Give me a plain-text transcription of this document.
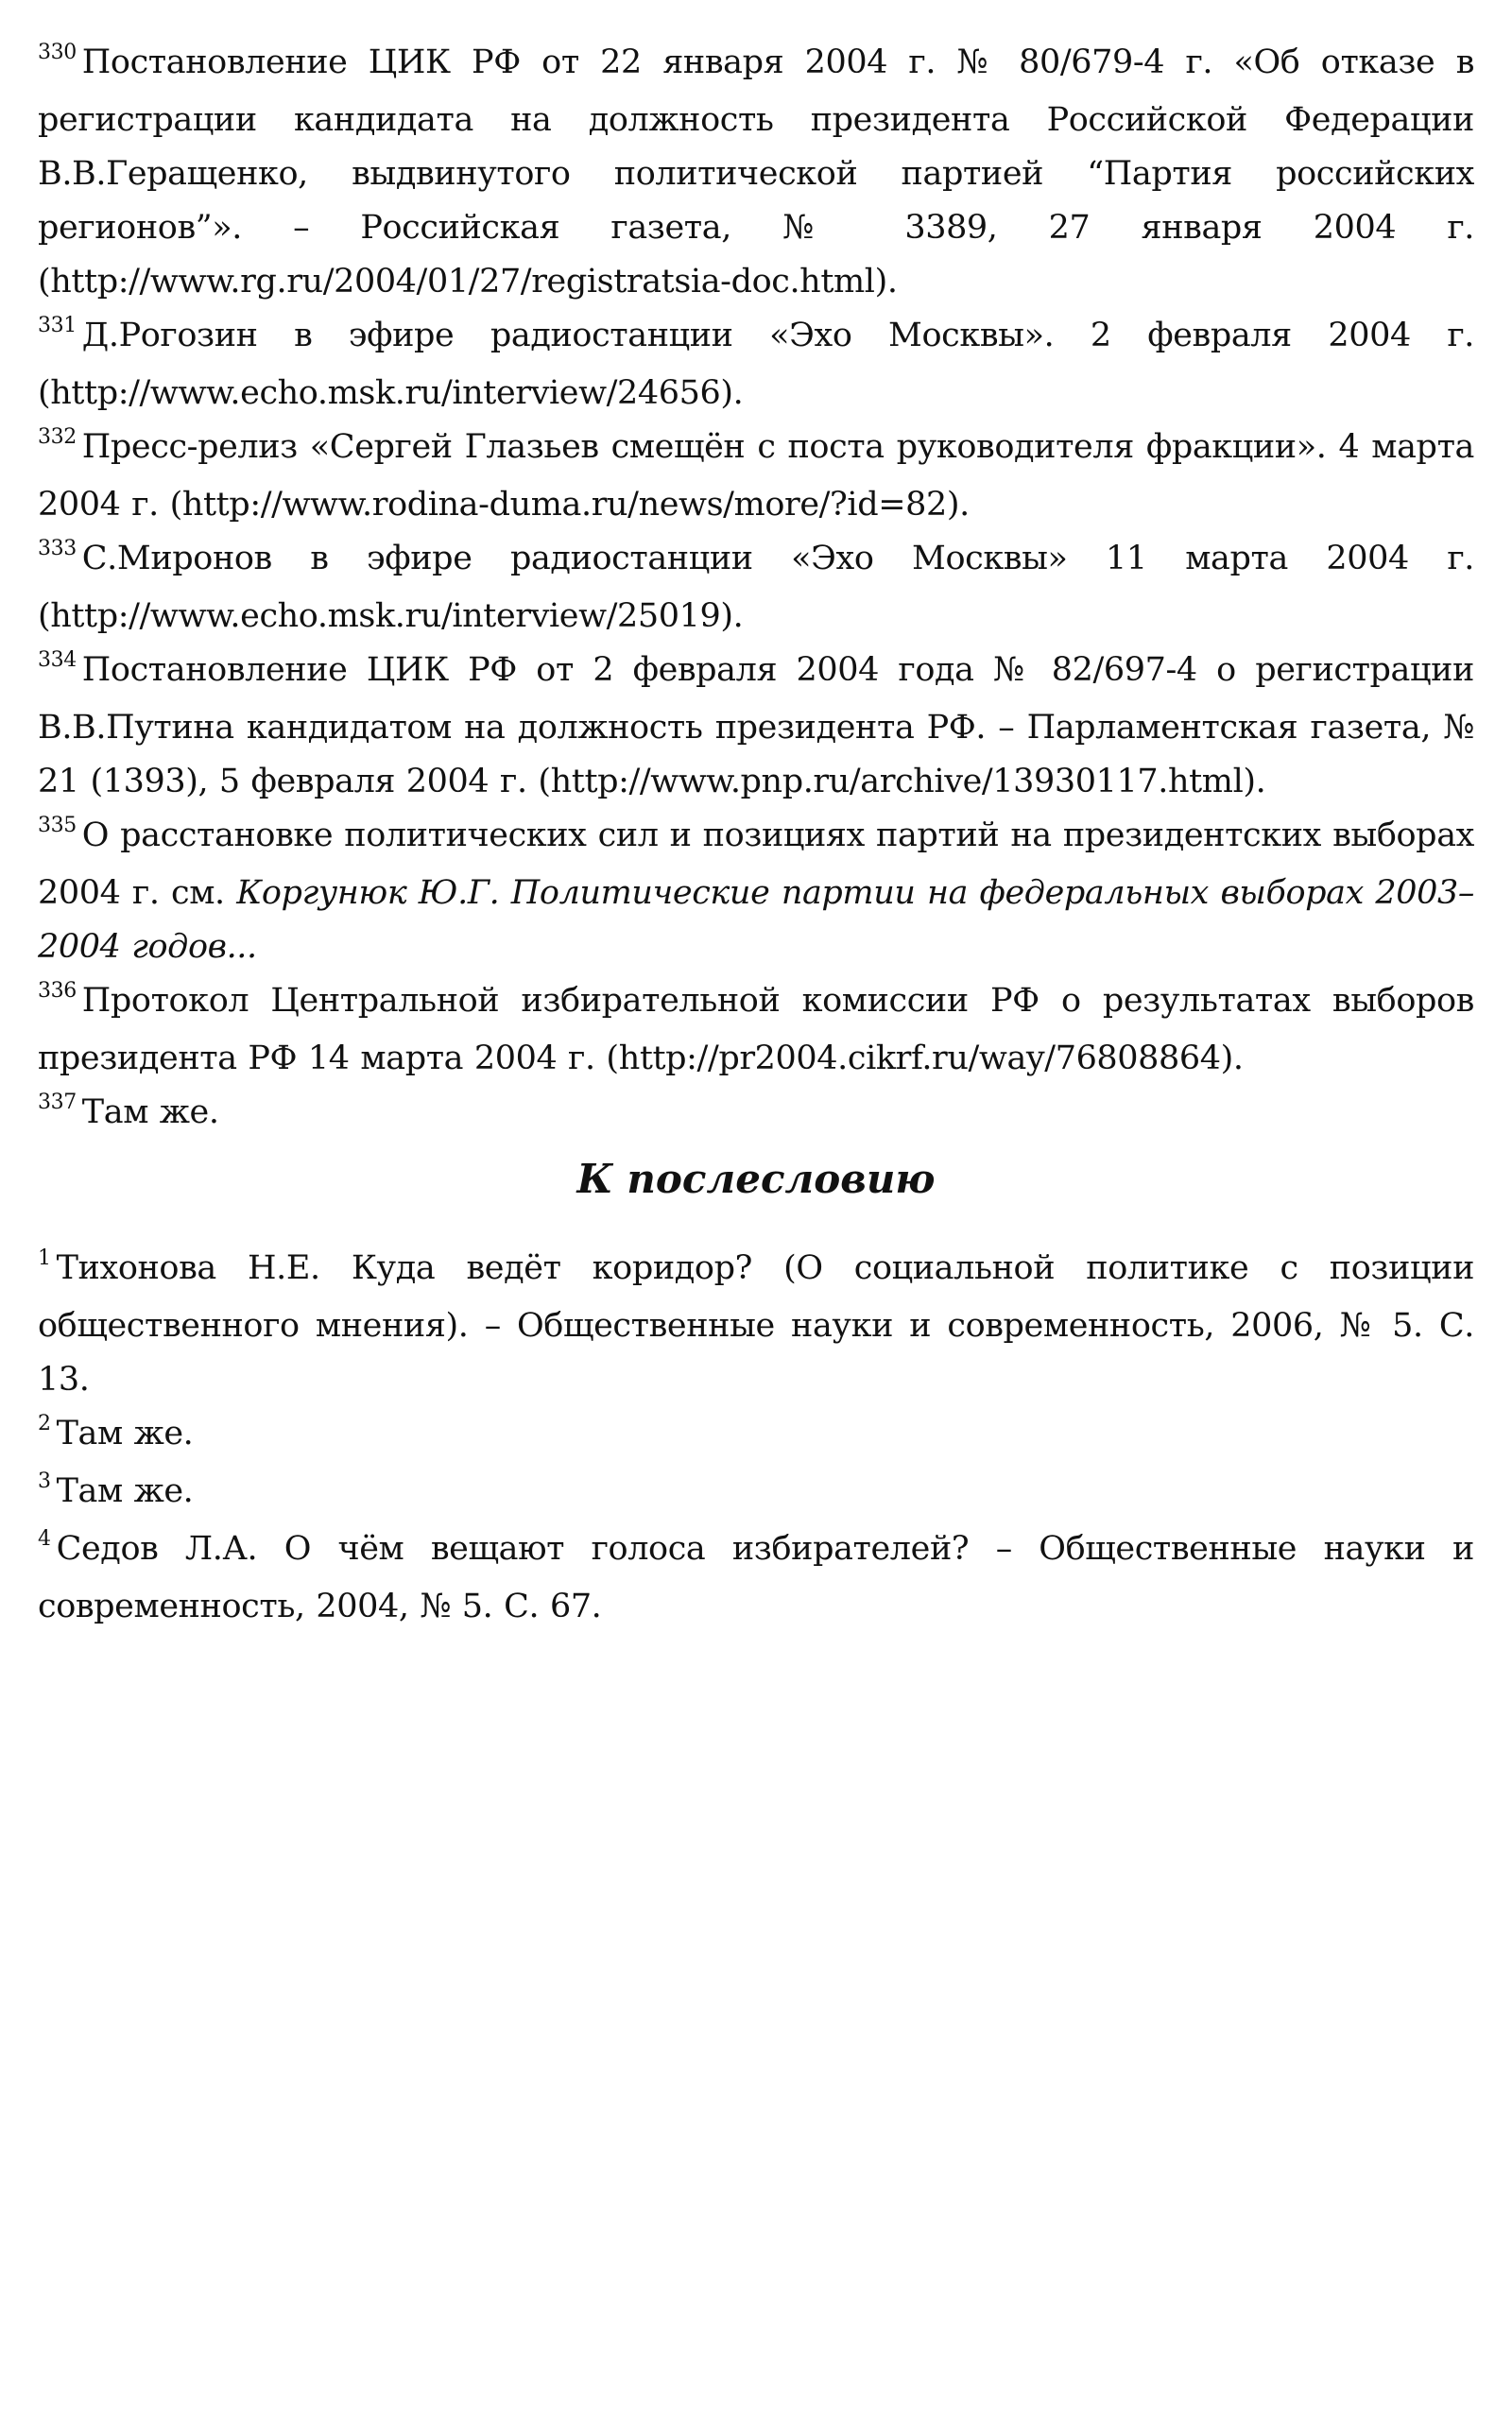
$^{330}$ Постановление ЦИК РФ от 22 января 2004 г. № 80/679-4 г. «Об отказе в регистрации кандидата на должность президента Российской Федерации В.В.Геращенко, выдвинутого политической партией “Партия российских регионов”». – Российская газета, № 3389, 27 января 2004 г. (http://www.rg.ru/2004/01/27/registratsia-doc.html).

$^{331}$ Д.Рогозин в эфире радиостанции «Эхо Москвы». 2 февраля 2004 г. (http://www.echo.msk.ru/interview/24656).

$^{332}$ Пресс-релиз «Сергей Глазьев смещён с поста руководителя фракции». 4 марта 2004 г. (http://www.rodina-duma.ru/news/more/?id=82).

$^{333}$ С.Миронов в эфире радиостанции «Эхо Москвы» 11 марта 2004 г. (http://www.echo.msk.ru/interview/25019).

$^{334}$ Постановление ЦИК РФ от 2 февраля 2004 года № 82/697-4 о регистрации В.В.Путина кандидатом на должность президента РФ. – Парламентская газета, № 21 (1393), 5 февраля 2004 г. (http://www.pnp.ru/archive/13930117.html).

$^{335}$ О расстановке политических сил и позициях партий на президентских выборах 2004 г. см. Коргунюк Ю.Г. Политические партии на федеральных выборах 2003–2004 годов...

$^{336}$ Протокол Центральной избирательной комиссии РФ о результатах выборов президента РФ 14 марта 2004 г. (http://pr2004.cikrf.ru/way/76808864).

$^{337}$ Там же.

К послесловию

$^1$ Тихонова Н.Е. Куда ведёт коридор? (О социальной политике с позиции общественного мнения). – Общественные науки и современность, 2006, № 5. С. 13.

$^2$ Там же.

$^3$ Там же.

$^4$ Седов Л.А. О чём вещают голоса избирателей? – Общественные науки и современность, 2004, № 5. С. 67.
